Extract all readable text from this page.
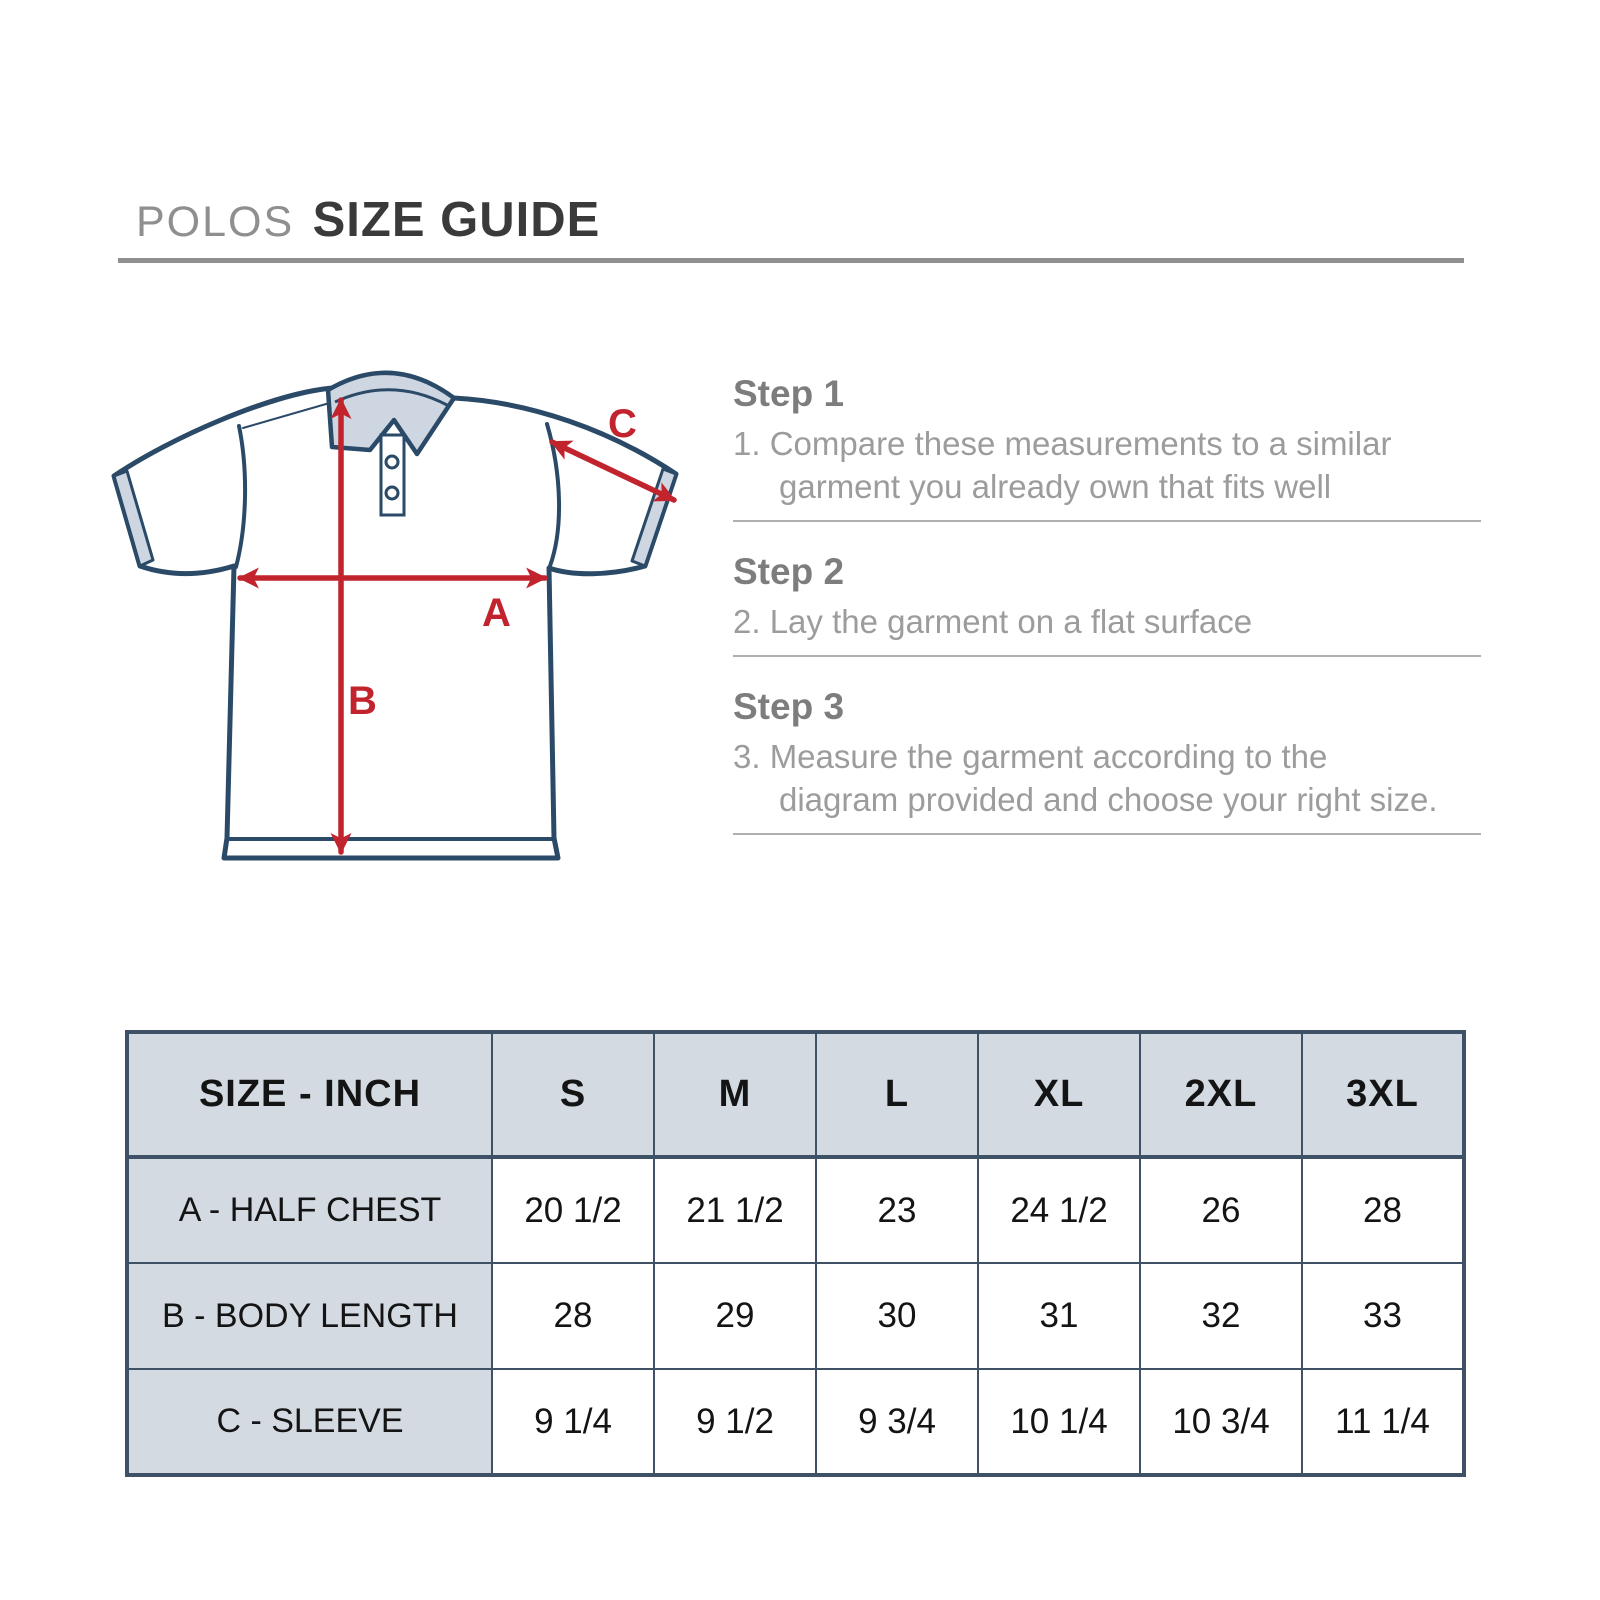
POLOS SIZE GUIDE
A
B
C

Step 1

1. Compare these measurements to a similar

garment you already own that fits well

Step 2

2. Lay the garment on a flat surface

Step 3

3. Measure the garment according to the

diagram provided and choose your right size.

SIZE - INCH	S	M	L	XL	2XL	3XL
A - HALF CHEST	20 1/2	21 1/2	23	24 1/2	26	28
B - BODY LENGTH	28	29	30	31	32	33
C - SLEEVE	9 1/4	9 1/2	9 3/4	10 1/4	10 3/4	11 1/4
